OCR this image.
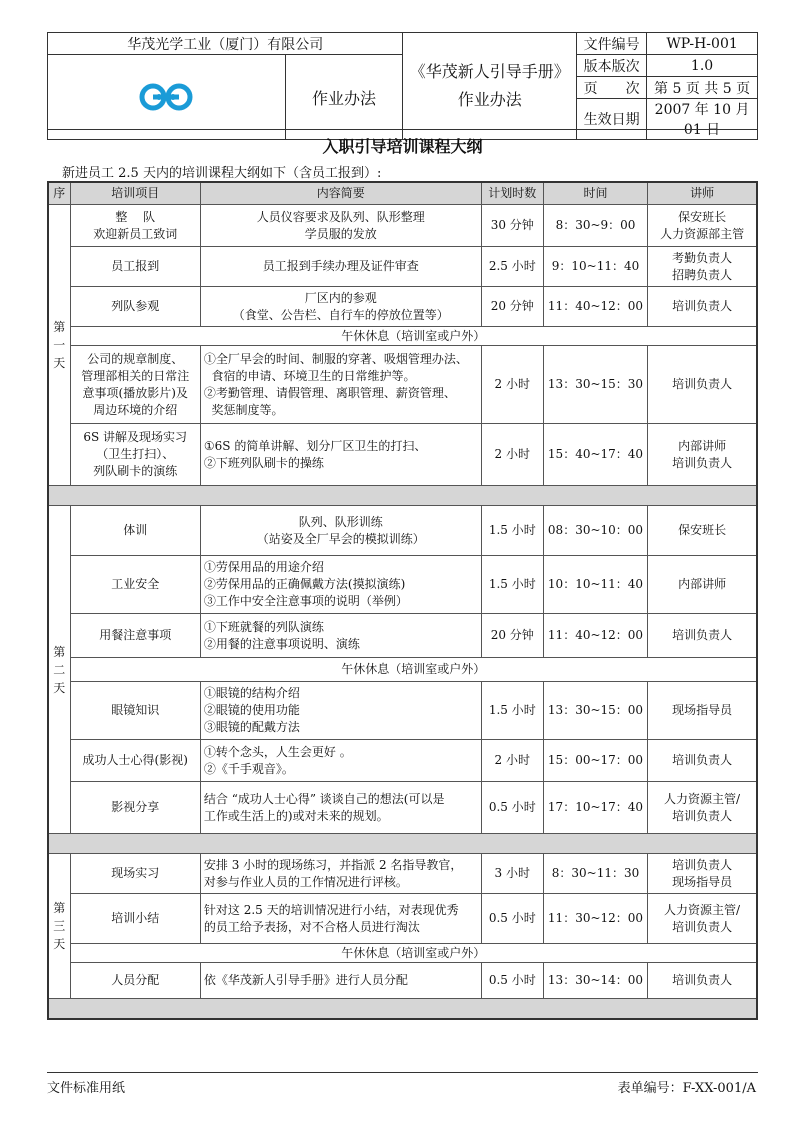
华茂光学工业（厦门）有限公司		《华茂新人引导手册》 作业办法	文件编号	WP-H-001

	作业办法		版本版次	1.0
			页　　次	第 5 页 共 5 页
			生效日期	2007 年 10 月 01 日
入职引导培训课程大纲
新进员工 2.5 天内的培训课程大纲如下（含员工报到）:
序	培训项目	内容简要	计划时数	时间	讲师
第
一
天	整　 队
欢迎新员工致词	人员仪容要求及队列、队形整理
学员服的发放	30 分钟	8：30~9：00	保安班长
人力资源部主管
	员工报到	员工报到手续办理及证件审查	2.5 小时	9：10~11：40	考勤负责人
招聘负责人
	列队参观	厂区内的参观
（食堂、公告栏、自行车的停放位置等）	20 分钟	11：40~12：00	培训负责人
	午休休息（培训室或户外）				
	公司的规章制度、
管理部相关的日常注
意事项(播放影片)及
周边环境的介绍	①全厂早会的时间、制服的穿著、吸烟管理办法、
食宿的申请、环境卫生的日常维护等。
②考勤管理、请假管理、离职管理、薪资管理、
奖惩制度等。	2 小时	13：30~15：30	培训负责人
	6S 讲解及现场实习
（卫生打扫）、
列队刷卡的演练	①6S 的简单讲解、划分厂区卫生的打扫、
②下班列队刷卡的操练	2 小时	15：40~17：40	内部讲师
培训负责人

第
二
天	体训	队列、队形训练
（站姿及全厂早会的模拟训练）	1.5 小时	08：30~10：00	保安班长
	工业安全	①劳保用品的用途介绍
②劳保用品的正确佩戴方法(摸拟演练)
③工作中安全注意事项的说明（举例）	1.5 小时	10：10~11：40	内部讲师
	用餐注意事项	①下班就餐的列队演练
②用餐的注意事项说明、演练	20 分钟	11：40~12：00	培训负责人
	午休休息（培训室或户外）				
	眼镜知识	①眼镜的结构介绍
②眼镜的使用功能
③眼镜的配戴方法	1.5 小时	13：30~15：00	现场指导员
	成功人士心得(影视)	①转个念头，人生会更好 。
②《千手观音》。	2 小时	15：00~17：00	培训负责人
	影视分享	结合 “成功人士心得” 谈谈自己的想法(可以是
工作或生活上的)或对未来的规划。	0.5 小时	17：10~17：40	人力资源主管/
培训负责人

第
三
天	现场实习	安排 3 小时的现场练习，并指派 2 名指导教官，
对参与作业人员的工作情况进行评核。	3 小时	8：30~11：30	培训负责人
现场指导员
	培训小结	针对这 2.5 天的培训情况进行小结，对表现优秀
的员工给予表扬，对不合格人员进行淘汰	0.5 小时	11：30~12：00	人力资源主管/
培训负责人
	午休休息（培训室或户外）				
	人员分配	依《华茂新人引导手册》进行人员分配	0.5 小时	13：30~14：00	培训负责人

文件标准用纸	表单编号：F-XX-001/A
